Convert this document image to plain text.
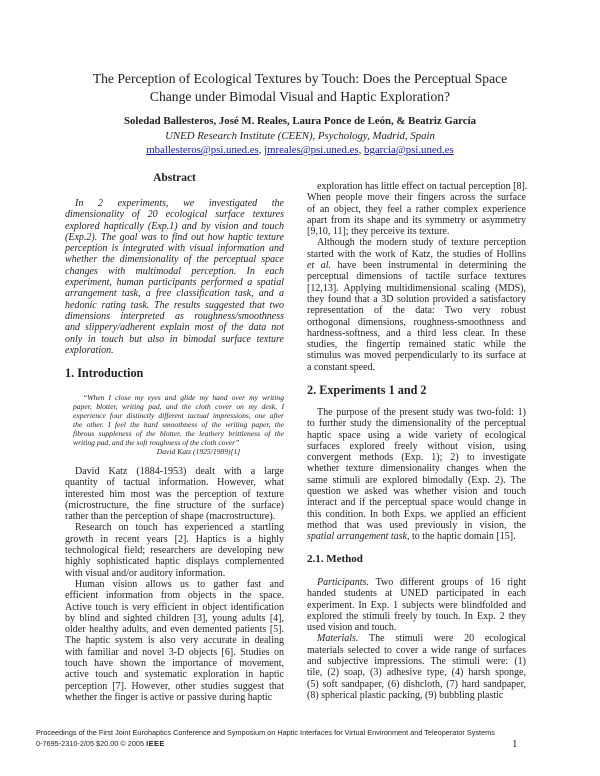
The Perception of Ecological Textures by Touch: Does the Perceptual Space
Change under Bimodal Visual and Haptic Exploration?
Soledad Ballesteros, José M. Reales, Laura Ponce de León, & Beatriz García
UNED Research Institute (CEEN), Psychology, Madrid, Spain
mballesteros@psi.uned.es, jmreales@psi.uned.es, bgarcia@psi.uned.es
Abstract
In 2 experiments, we investigated the
dimensionality of 20 ecological surface textures
explored haptically (Exp.1) and by vision and touch
(Exp.2). The goal was to find out how haptic texture
perception is integrated with visual information and
whether the dimensionality of the perceptual space
changes with multimodal perception. In each
experiment, human participants performed a spatial
arrangement task, a free classification task, and a
hedonic rating task. The results suggested that two
dimensions interpreted as roughness/smoothness
and slippery/adherent explain most of the data not
only in touch but also in bimodal surface texture
exploration.
1. Introduction
“When I close my eyes and glide my hand over my writing
paper, blotter, writing pad, and the cloth cover on my desk, I
experience four distinctly different tactual impressions, one after
the other. I feel the hard smoothness of the writing paper, the
fibrous suppleness of the blotter, the leathery brittleness of the
writing pad, and the soft roughness of the cloth cover”
David Katz (1925/1989)[1]
David Katz (1884-1953) dealt with a large
quantity of tactual information. However, what
interested him most was the perception of texture
(microstructure, the fine structure of the surface)
rather than the perception of shape (macrostructure).
Research on touch has experienced a startling
growth in recent years [2]. Haptics is a highly
technological field; researchers are developing new
highly sophisticated haptic displays complemented
with visual and/or auditory information.
Human vision allows us to gather fast and
efficient information from objects in the space.
Active touch is very efficient in object identification
by blind and sighted children [3], young adults [4],
older healthy adults, and even demented patients [5].
The haptic system is also very accurate in dealing
with familiar and novel 3-D objects [6]. Studies on
touch have shown the importance of movement,
active touch and systematic exploration in haptic
perception [7]. However, other studies suggest that
whether the finger is active or passive during haptic
exploration has little effect on tactual perception [8].
When people move their fingers across the surface
of an object, they feel a rather complex experience
apart from its shape and its symmetry or asymmetry
[9,10, 11]; they perceive its texture.
Although the modern study of texture perception
started with the work of Katz, the studies of Hollins
et al. have been instrumental in determining the
perceptual dimensions of tactile surface textures
[12,13]. Applying multidimensional scaling (MDS),
they found that a 3D solution provided a satisfactory
representation of the data: Two very robust
orthogonal dimensions, roughness-smoothness and
hardness-softness, and a third less clear. In these
studies, the fingertip remained static while the
stimulus was moved perpendicularly to its surface at
a constant speed.
2. Experiments 1 and 2
The purpose of the present study was two-fold: 1)
to further study the dimensionality of the perceptual
haptic space using a wide variety of ecological
surfaces explored freely without vision, using
convergent methods (Exp. 1); 2) to investigate
whether texture dimensionality changes when the
same stimuli are explored bimodally (Exp. 2). The
question we asked was whether vision and touch
interact and if the perceptual space would change in
this condition. In both Exps. we applied an efficient
method that was used previously in vision, the
spatial arrangement task, to the haptic domain [15].
2.1. Method
Participants. Two different groups of 16 right
handed students at UNED participated in each
experiment. In Exp. 1 subjects were blindfolded and
explored the stimuli freely by touch. In Exp. 2 they
used vision and touch.
Materials. The stimuli were 20 ecological
materials selected to cover a wide range of surfaces
and subjective impressions. The stimuli were: (1)
tile, (2) soap, (3) adhesive type, (4) harsh sponge,
(5) soft sandpaper, (6) dishcloth, (7) hard sandpaper,
(8) spherical plastic packing, (9) bubbling plastic
Proceedings of the First Joint Eurohaptics Conference and Symposium on Haptic Interfaces for Virtual Environment and Teleoperator Systems
0-7695-2310-2/05 $20.00 © 2005 IEEE	1
